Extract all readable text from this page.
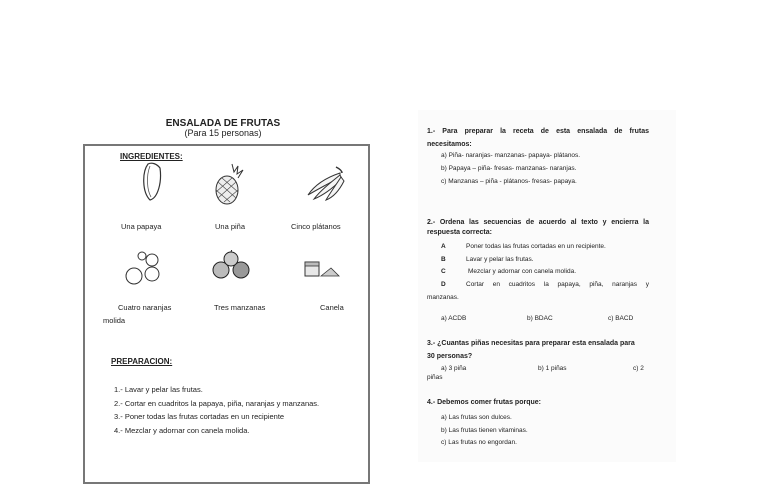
ENSALADA DE FRUTAS
(Para 15 personas)
INGREDIENTES:
Una papaya	Una piña	Cinco plátanos
Cuatro naranjas
molida
Tres manzanas	Canela
PREPARACION:
1.- Lavar y pelar las frutas.
2.- Cortar en cuadritos la papaya, piña, naranjas y manzanas.
3.- Poner todas las frutas cortadas en un recipiente
4.- Mezclar y adornar con canela molida.
1.- Para preparar la receta de esta ensalada de frutas
necesitamos:
a) Piña- naranjas- manzanas- papaya- plátanos.
b) Papaya – piña- fresas- manzanas- naranjas.
c) Manzanas – piña - plátanos- fresas- papaya.
2.- Ordena las secuencias de acuerdo al texto y encierra la
respuesta correcta:
A	Poner todas las frutas cortadas en un recipiente.
B	Lavar y pelar las frutas.
C	Mezclar y adornar con canela molida.
D	Cortar en cuadritos la papaya, piña, naranjas y
manzanas.
a) ACDB	b) BDAC	c) BACD
3.- ¿Cuantas piñas necesitas para preparar esta ensalada para
30 personas?
a) 3 piña	b) 1 piñas	c) 2
piñas
4.- Debemos comer frutas porque:
a) Las frutas son dulces.
b) Las frutas tienen vitaminas.
c) Las frutas no engordan.
